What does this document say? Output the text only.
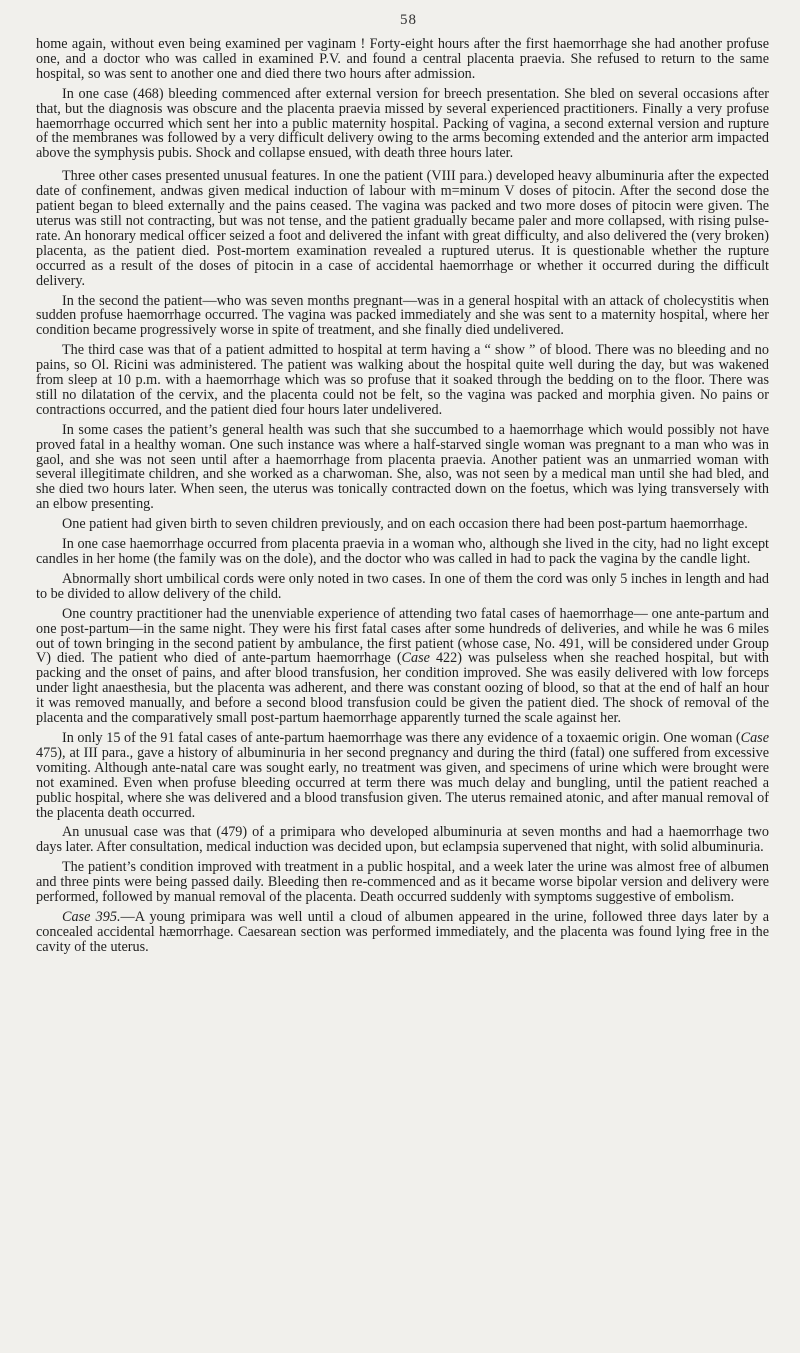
58

home again, without even being examined per vaginam ! Forty-eight hours after the first haemorrhage she had another profuse one, and a doctor who was called in examined P.V. and found a central placenta praevia. She refused to return to the same hospital, so was sent to another one and died there two hours after admission.

In one case (468) bleeding commenced after external version for breech presentation. She bled on several occasions after that, but the diagnosis was obscure and the placenta praevia missed by several experienced practitioners. Finally a very profuse haemorrhage occurred which sent her into a public maternity hospital. Packing of vagina, a second external version and rupture of the membranes was followed by a very difficult delivery owing to the arms becoming extended and the anterior arm impacted above the symphysis pubis. Shock and collapse ensued, with death three hours later.

Three other cases presented unusual features. In one the patient (VIII para.) developed heavy albuminuria after the expected date of confinement, andwas given medical induction of labour with m=minum V doses of pitocin. After the second dose the patient began to bleed externally and the pains ceased. The vagina was packed and two more doses of pitocin were given. The uterus was still not contracting, but was not tense, and the patient gradually became paler and more collapsed, with rising pulse-rate. An honorary medical officer seized a foot and delivered the infant with great difficulty, and also delivered the (very broken) placenta, as the patient died. Post-mortem examination revealed a ruptured uterus. It is questionable whether the rupture occurred as a result of the doses of pitocin in a case of accidental haemorrhage or whether it occurred during the difficult delivery.

In the second the patient—who was seven months pregnant—was in a general hospital with an attack of cholecystitis when sudden profuse haemorrhage occurred. The vagina was packed immediately and she was sent to a maternity hospital, where her condition became progressively worse in spite of treatment, and she finally died undelivered.

The third case was that of a patient admitted to hospital at term having a “ show ” of blood. There was no bleeding and no pains, so Ol. Ricini was administered. The patient was walking about the hospital quite well during the day, but was wakened from sleep at 10 p.m. with a haemorrhage which was so profuse that it soaked through the bedding on to the floor. There was still no dilatation of the cervix, and the placenta could not be felt, so the vagina was packed and morphia given. No pains or contractions occurred, and the patient died four hours later undelivered.

In some cases the patient’s general health was such that she succumbed to a haemorrhage which would possibly not have proved fatal in a healthy woman. One such instance was where a half-starved single woman was pregnant to a man who was in gaol, and she was not seen until after a haemorrhage from placenta praevia. Another patient was an unmarried woman with several illegitimate children, and she worked as a charwoman. She, also, was not seen by a medical man until she had bled, and she died two hours later. When seen, the uterus was tonically contracted down on the foetus, which was lying transversely with an elbow presenting.

One patient had given birth to seven children previously, and on each occasion there had been post-partum haemorrhage.

In one case haemorrhage occurred from placenta praevia in a woman who, although she lived in the city, had no light except candles in her home (the family was on the dole), and the doctor who was called in had to pack the vagina by the candle light.

Abnormally short umbilical cords were only noted in two cases. In one of them the cord was only 5 inches in length and had to be divided to allow delivery of the child.

One country practitioner had the unenviable experience of attending two fatal cases of haemorrhage— one ante-partum and one post-partum—in the same night. They were his first fatal cases after some hundreds of deliveries, and while he was 6 miles out of town bringing in the second patient by ambulance, the first patient (whose case, No. 491, will be considered under Group V) died. The patient who died of ante-partum haemorrhage (Case 422) was pulseless when she reached hospital, but with packing and the onset of pains, and after blood transfusion, her condition improved. She was easily delivered with low forceps under light anaesthesia, but the placenta was adherent, and there was constant oozing of blood, so that at the end of half an hour it was removed manually, and before a second blood transfusion could be given the patient died. The shock of removal of the placenta and the comparatively small post-partum haemorrhage apparently turned the scale against her.

In only 15 of the 91 fatal cases of ante-partum haemorrhage was there any evidence of a toxaemic origin. One woman (Case 475), at III para., gave a history of albuminuria in her second pregnancy and during the third (fatal) one suffered from excessive vomiting. Although ante-natal care was sought early, no treatment was given, and specimens of urine which were brought were not examined. Even when profuse bleeding occurred at term there was much delay and bungling, until the patient reached a public hospital, where she was delivered and a blood transfusion given. The uterus remained atonic, and after manual removal of the placenta death occurred.

An unusual case was that (479) of a primipara who developed albuminuria at seven months and had a haemorrhage two days later. After consultation, medical induction was decided upon, but eclampsia supervened that night, with solid albuminuria.

The patient’s condition improved with treatment in a public hospital, and a week later the urine was almost free of albumen and three pints were being passed daily. Bleeding then re-commenced and as it became worse bipolar version and delivery were performed, followed by manual removal of the placenta. Death occurred suddenly with symptoms suggestive of embolism.

Case 395.—A young primipara was well until a cloud of albumen appeared in the urine, followed three days later by a concealed accidental hæmorrhage. Caesarean section was performed immediately, and the placenta was found lying free in the cavity of the uterus.
